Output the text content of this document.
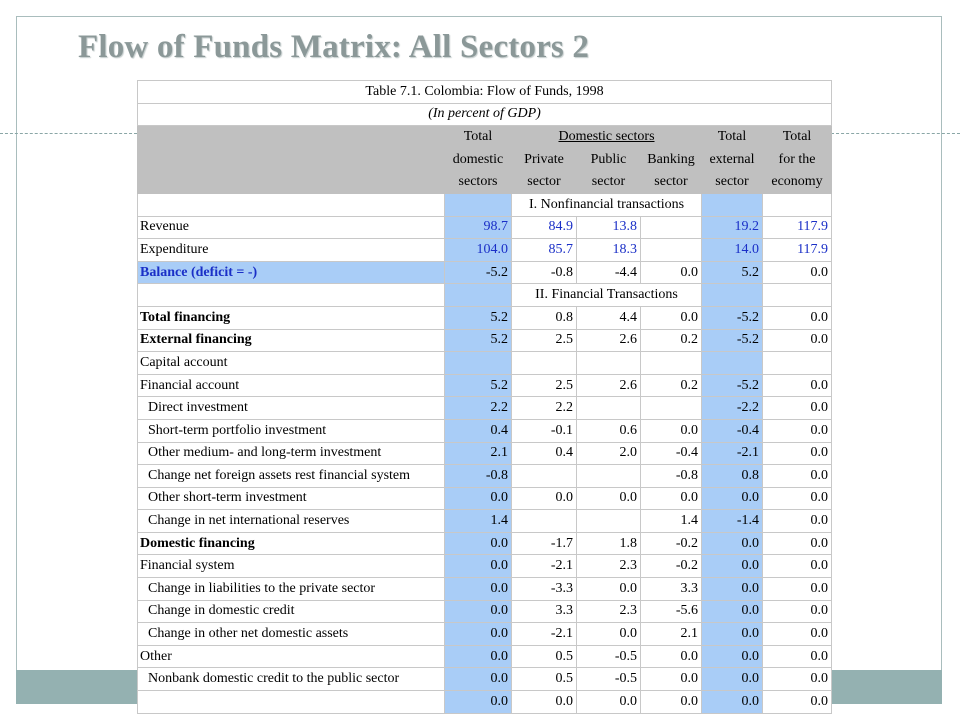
Flow of Funds Matrix: All Sectors 2
Table 7.1. Colombia: Flow of Funds, 1998						
(In percent of GDP)						
	Total	Domestic sectors			Total	Total
	domestic	Private	Public	Banking	external	for the
	sectors	sector	sector	sector	sector	economy
		I. Nonfinancial transactions				
Revenue	98.7	84.9	13.8		19.2	117.9
Expenditure	104.0	85.7	18.3		14.0	117.9
Balance (deficit = -)	-5.2	-0.8	-4.4	0.0	5.2	0.0
		II. Financial Transactions				
Total financing	5.2	0.8	4.4	0.0	-5.2	0.0
External financing	5.2	2.5	2.6	0.2	-5.2	0.0
Capital account						
Financial account	5.2	2.5	2.6	0.2	-5.2	0.0
Direct investment	2.2	2.2			-2.2	0.0
Short-term portfolio investment	0.4	-0.1	0.6	0.0	-0.4	0.0
Other medium- and long-term investment	2.1	0.4	2.0	-0.4	-2.1	0.0
Change net foreign assets rest financial system	-0.8			-0.8	0.8	0.0
Other short-term investment	0.0	0.0	0.0	0.0	0.0	0.0
Change in net international reserves	1.4			1.4	-1.4	0.0
Domestic financing	0.0	-1.7	1.8	-0.2	0.0	0.0
Financial system	0.0	-2.1	2.3	-0.2	0.0	0.0
Change in liabilities to the private sector	0.0	-3.3	0.0	3.3	0.0	0.0
Change in domestic credit	0.0	3.3	2.3	-5.6	0.0	0.0
Change in other net domestic assets	0.0	-2.1	0.0	2.1	0.0	0.0
Other	0.0	0.5	-0.5	0.0	0.0	0.0
Nonbank domestic credit to the public sector	0.0	0.5	-0.5	0.0	0.0	0.0
	0.0	0.0	0.0	0.0	0.0	0.0
